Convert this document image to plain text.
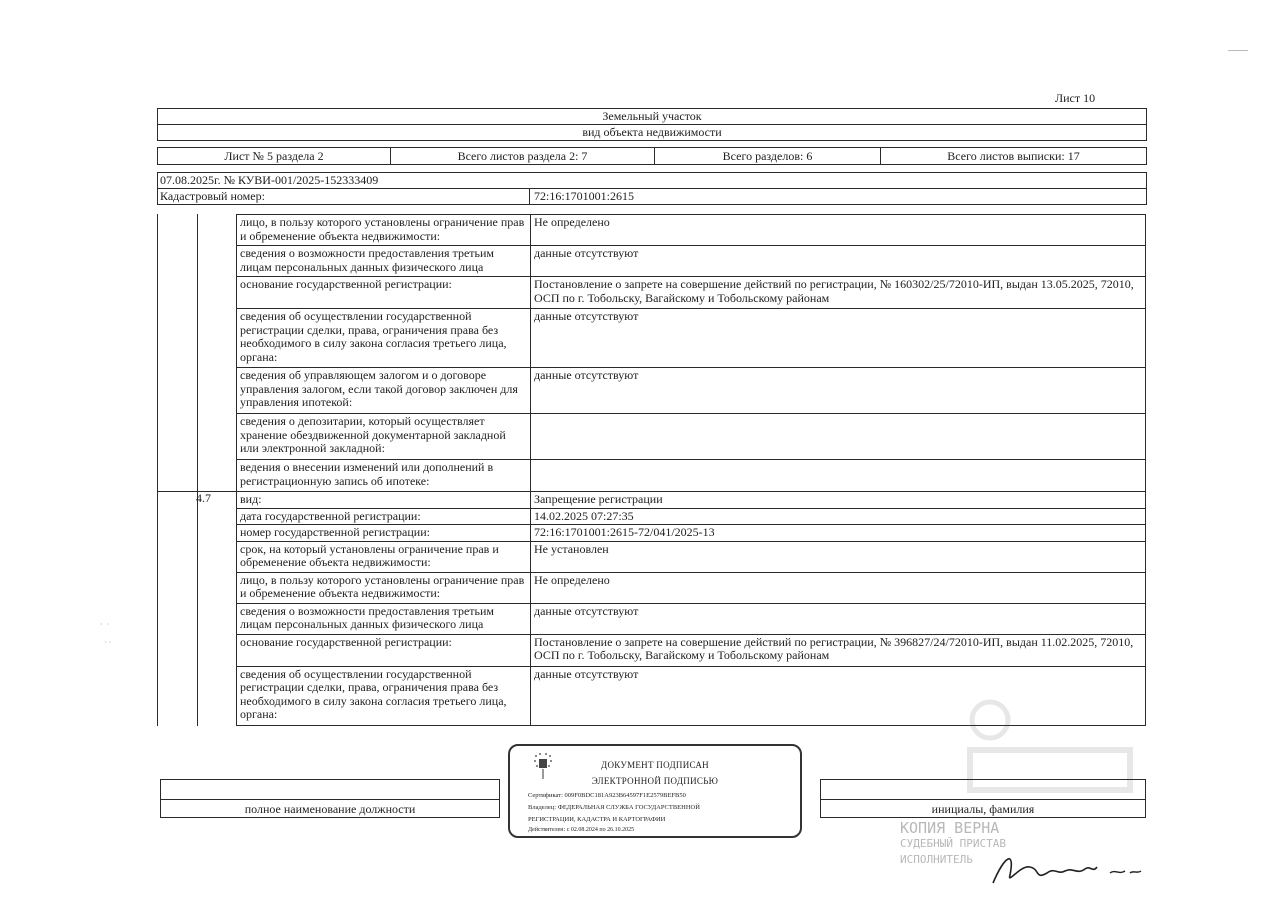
Лист 10
Земельный участок
вид объекта недвижимости
Лист № 5 раздела 2	Всего листов раздела 2: 7	Всего разделов: 6	Всего листов выписки: 17
07.08.2025г. № КУВИ-001/2025-152333409
Кадастровый номер:	72:16:1701001:2615
4.7
лицо, в пользу которого установлены ограничение прав и обременение объекта недвижимости:	Не определено
сведения о возможности предоставления третьим лицам персональных данных физического лица	данные отсутствуют
основание государственной регистрации:	Постановление о запрете на совершение действий по регистрации, № 160302/25/72010-ИП, выдан 13.05.2025, 72010, ОСП по г. Тобольску, Вагайскому и Тобольскому районам
сведения об осуществлении государственной регистрации сделки, права, ограничения права без необходимого в силу закона согласия третьего лица, органа:	данные отсутствуют
сведения об управляющем залогом и о договоре управления залогом, если такой договор заключен для управления ипотекой:	данные отсутствуют
сведения о депозитарии, который осуществляет хранение обездвиженной документарной закладной или электронной закладной:	
ведения о внесении изменений или дополнений в регистрационную запись об ипотеке:	
вид:	Запрещение регистрации
дата государственной регистрации:	14.02.2025 07:27:35
номер государственной регистрации:	72:16:1701001:2615-72/041/2025-13
срок, на который установлены ограничение прав и обременение объекта недвижимости:	Не установлен
лицо, в пользу которого установлены ограничение прав и обременение объекта недвижимости:	Не определено
сведения о возможности предоставления третьим лицам персональных данных физического лица	данные отсутствуют
основание государственной регистрации:	Постановление о запрете на совершение действий по регистрации, № 396827/24/72010-ИП, выдан 11.02.2025, 72010, ОСП по г. Тобольску, Вагайскому и Тобольскому районам
сведения об осуществлении государственной регистрации сделки, права, ограничения права без необходимого в силу закона согласия третьего лица, органа:	данные отсутствуют
полное наименование должности	инициалы, фамилия
ДОКУМЕНТ ПОДПИСАН
ЭЛЕКТРОННОЙ ПОДПИСЬЮ
Сертификат: 009F0BDC181A923B64597F1E2579BEFB50
Владелец: ФЕДЕРАЛЬНАЯ СЛУЖБА ГОСУДАРСТВЕННОЙ
РЕГИСТРАЦИИ, КАДАСТРА И КАРТОГРАФИИ
Действителен: с 02.08.2024 по 26.10.2025	КОПИЯ ВЕРНА
СУДЕБНЫЙ ПРИСТАВ
ИСПОЛНИТЕЛЬ
·  ·

· ·
